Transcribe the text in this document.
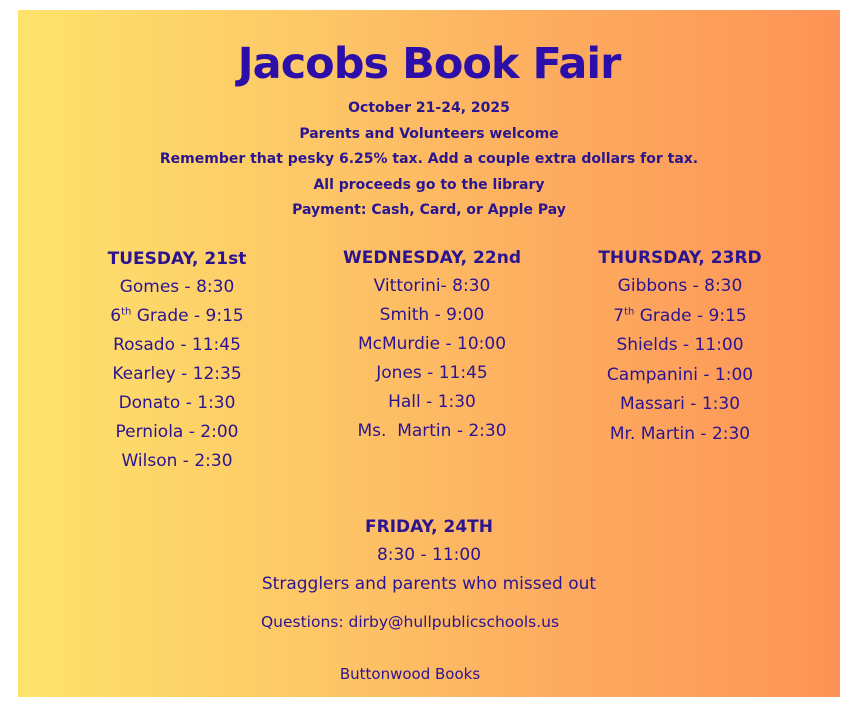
Jacobs Book Fair
October 21-24, 2025
Parents and Volunteers welcome
Remember that pesky 6.25% tax. Add a couple extra dollars for tax.
All proceeds go to the library
Payment: Cash, Card, or Apple Pay
TUESDAY, 21st
Gomes - 8:30
6th Grade - 9:15
Rosado - 11:45
Kearley - 12:35
Donato - 1:30
Perniola - 2:00
Wilson - 2:30
WEDNESDAY, 22nd
Vittorini- 8:30
Smith - 9:00
McMurdie - 10:00
Jones - 11:45
Hall - 1:30
Ms.  Martin - 2:30
THURSDAY, 23RD
Gibbons - 8:30
7th Grade - 9:15
Shields - 11:00
Campanini - 1:00
Massari - 1:30
Mr. Martin - 2:30
FRIDAY, 24TH
8:30 - 11:00
Stragglers and parents who missed out
Questions: dirby@hullpublicschools.us
Buttonwood Books
